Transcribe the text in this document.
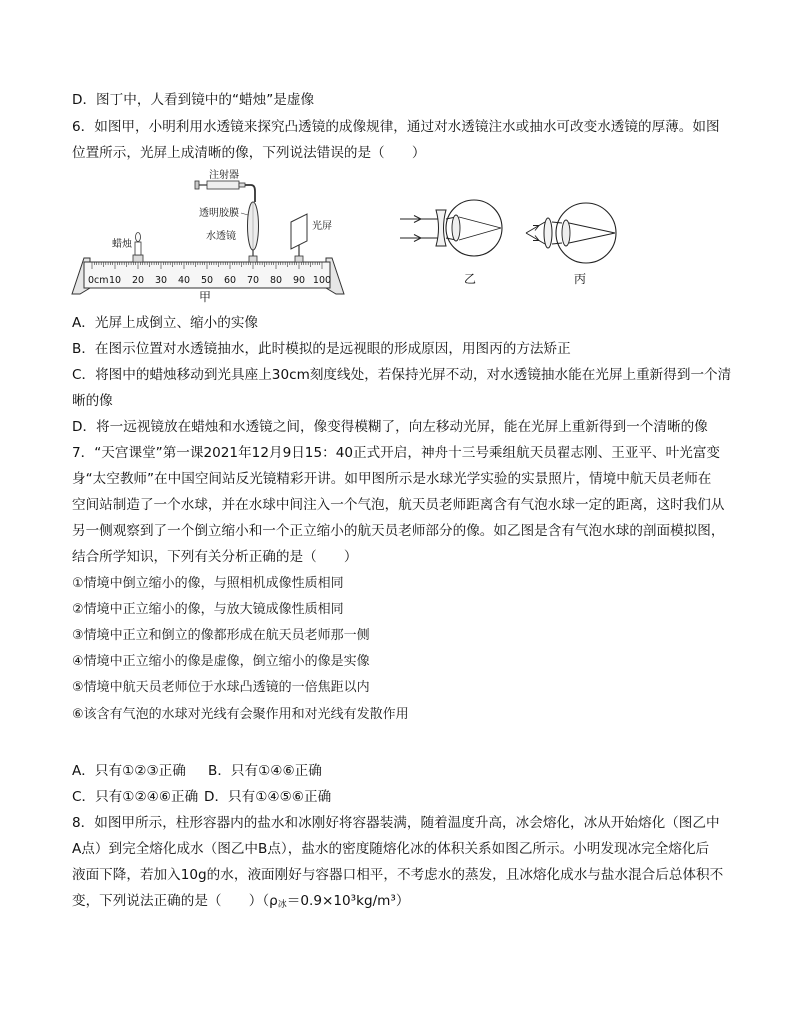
D．图丁中，人看到镜中的“蜡烛”是虚像
6．如图甲，小明利用水透镜来探究凸透镜的成像规律，通过对水透镜注水或抽水可改变水透镜的厚薄。如图
位置所示，光屏上成清晰的像，下列说法错误的是（　　）
0cm 10 20 30 40 50 60 70 80 90 100
蜡烛
注射器
透明胶膜
水透镜
光屏
甲
乙	丙
A．光屏上成倒立、缩小的实像
B．在图示位置对水透镜抽水，此时模拟的是远视眼的形成原因，用图丙的方法矫正
C．将图中的蜡烛移动到光具座上30cm刻度线处，若保持光屏不动，对水透镜抽水能在光屏上重新得到一个清
晰的像
D．将一远视镜放在蜡烛和水透镜之间，像变得模糊了，向左移动光屏，能在光屏上重新得到一个清晰的像
7．“天宫课堂”第一课2021年12月9日15：40正式开启，神舟十三号乘组航天员翟志刚、王亚平、叶光富变
身“太空教师”在中国空间站反光镜精彩开讲。如甲图所示是水球光学实验的实景照片，情境中航天员老师在
空间站制造了一个水球，并在水球中间注入一个气泡，航天员老师距离含有气泡水球一定的距离，这时我们从
另一侧观察到了一个倒立缩小和一个正立缩小的航天员老师部分的像。如乙图是含有气泡水球的剖面模拟图，
结合所学知识，下列有关分析正确的是（　　）
①情境中倒立缩小的像，与照相机成像性质相同
②情境中正立缩小的像，与放大镜成像性质相同
③情境中正立和倒立的像都形成在航天员老师那一侧
④情境中正立缩小的像是虚像，倒立缩小的像是实像
⑤情境中航天员老师位于水球凸透镜的一倍焦距以内
⑥该含有气泡的水球对光线有会聚作用和对光线有发散作用
A．只有①②③正确 B．只有①④⑥正确
C．只有①②④⑥正确 D．只有①④⑤⑥正确
8．如图甲所示，柱形容器内的盐水和冰刚好将容器装满，随着温度升高，冰会熔化，冰从开始熔化（图乙中
A点）到完全熔化成水（图乙中B点），盐水的密度随熔化冰的体积关系如图乙所示。小明发现冰完全熔化后
液面下降，若加入10g的水，液面刚好与容器口相平，不考虑水的蒸发，且冰熔化成水与盐水混合后总体积不
变，下列说法正确的是（　　）$(\rho_冰=0.9\times 10^3kg/m^3)$
